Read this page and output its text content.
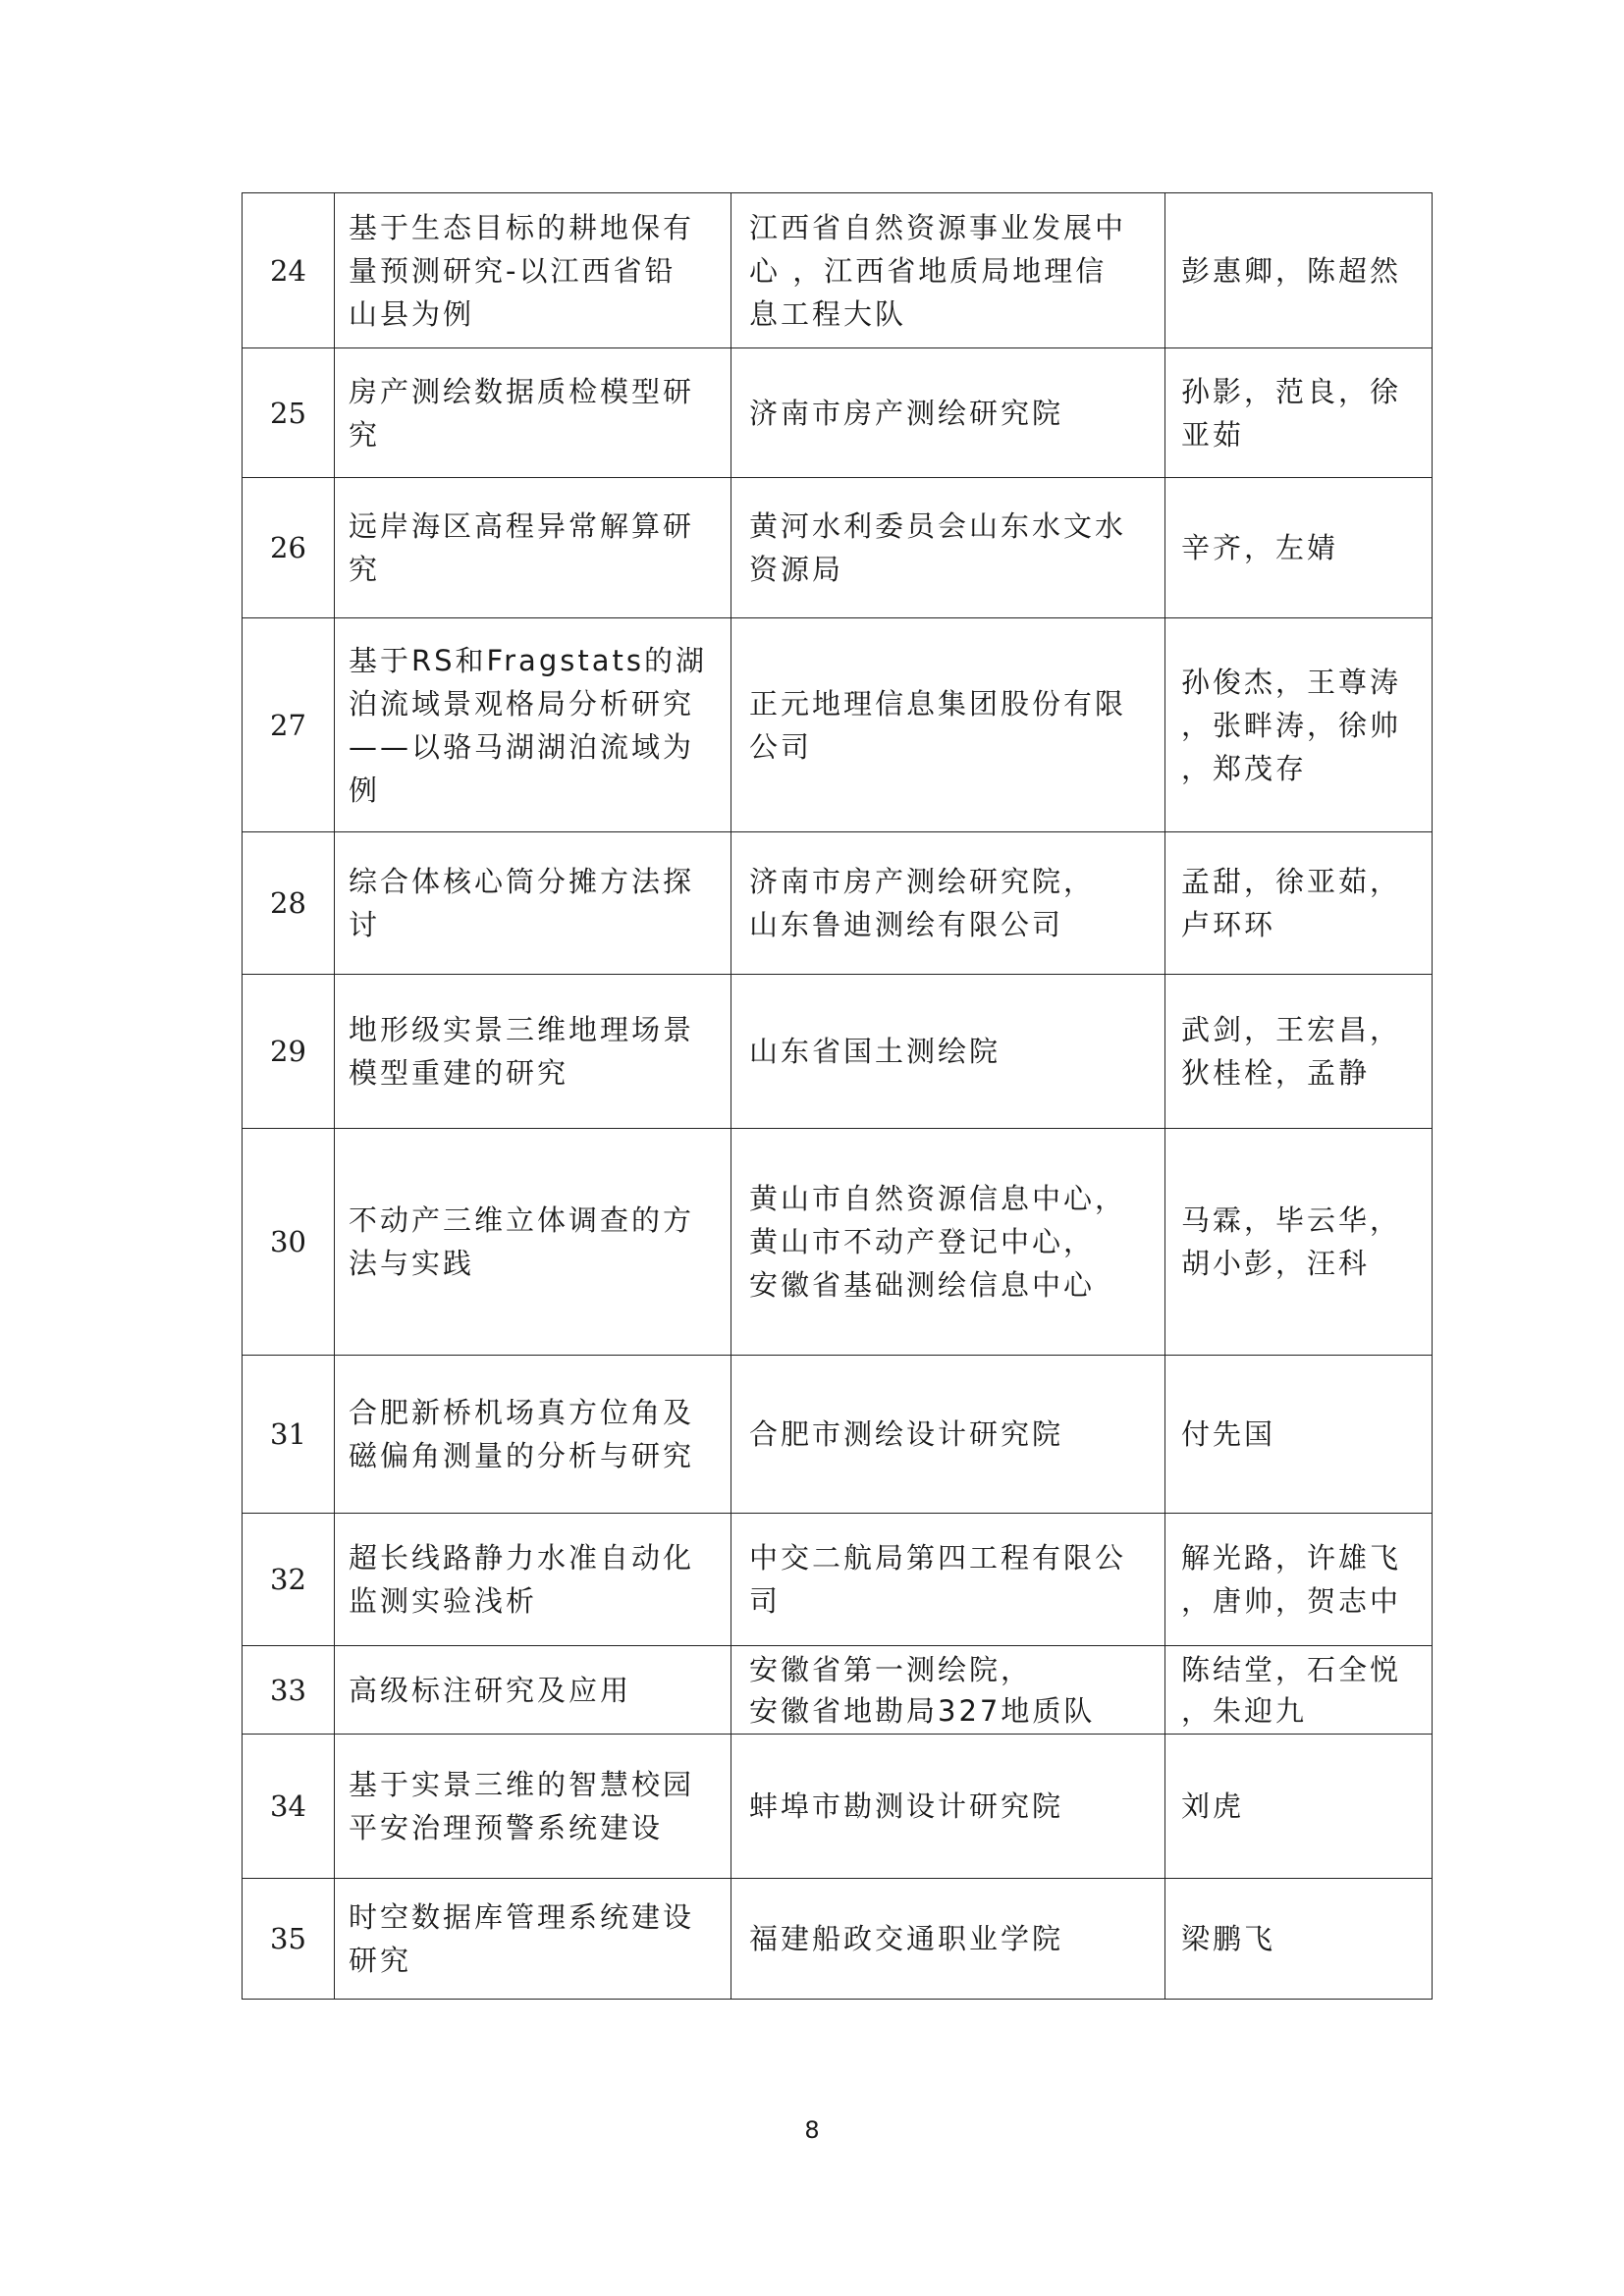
24	基于生态目标的耕地保有
量预测研究-以江西省铅
山县为例	江西省自然资源事业发展中
心 ，江西省地质局地理信
息工程大队	彭惠卿，陈超然
25	房产测绘数据质检模型研
究	济南市房产测绘研究院	孙影，范良，徐
亚茹
26	远岸海区高程异常解算研
究	黄河水利委员会山东水文水
资源局	辛齐，左婧
27	基于RS和Fragstats的湖
泊流域景观格局分析研究
——以骆马湖湖泊流域为
例	正元地理信息集团股份有限
公司	孙俊杰，王尊涛
，张畔涛，徐帅
，郑茂存
28	综合体核心筒分摊方法探
讨	济南市房产测绘研究院，
山东鲁迪测绘有限公司	孟甜，徐亚茹，
卢环环
29	地形级实景三维地理场景
模型重建的研究	山东省国土测绘院	武剑，王宏昌，
狄桂栓，孟静
30	不动产三维立体调查的方
法与实践	黄山市自然资源信息中心，
黄山市不动产登记中心，
安徽省基础测绘信息中心	马霖，毕云华，
胡小彭，汪科
31	合肥新桥机场真方位角及
磁偏角测量的分析与研究	合肥市测绘设计研究院	付先国
32	超长线路静力水准自动化
监测实验浅析	中交二航局第四工程有限公
司	解光路，许雄飞
，唐帅，贺志中
33	高级标注研究及应用	安徽省第一测绘院，
安徽省地勘局327地质队	陈结堂，石全悦
，朱迎九
34	基于实景三维的智慧校园
平安治理预警系统建设	蚌埠市勘测设计研究院	刘虎
35	时空数据库管理系统建设
研究	福建船政交通职业学院	梁鹏飞
8
